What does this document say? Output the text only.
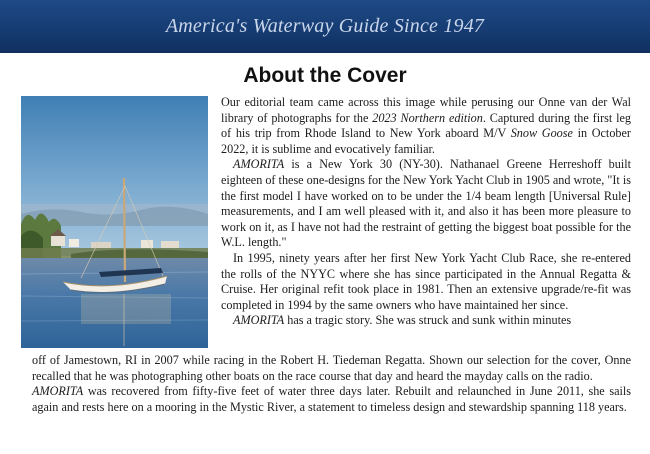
America's Waterway Guide Since 1947
About the Cover

Our editorial team came across this image while perusing our Onne van der Wal library of photographs for the 2023 Northern edition. Captured during the first leg of his trip from Rhode Island to New York aboard M/V Snow Goose in October 2022, it is sublime and evocatively familiar.

AMORITA is a New York 30 (NY-30). Nathanael Greene Herreshoff built eighteen of these one-designs for the New York Yacht Club in 1905 and wrote, "It is the first model I have worked on to be under the 1/4 beam length [Universal Rule] measurements, and I am well pleased with it, and also it has been more pleasure to work on it, as I have not had the restraint of getting the biggest boat possible for the W.L. length."

In 1995, ninety years after her first New York Yacht Club Race, she re-entered the rolls of the NYYC where she has since participated in the Annual Regatta & Cruise. Her original refit took place in 1981. Then an extensive upgrade/re-fit was completed in 1994 by the same owners who have maintained her since.

AMORITA has a tragic story. She was struck and sunk within minutes

off of Jamestown, RI in 2007 while racing in the Robert H. Tiedeman Regatta. Shown our selection for the cover, Onne recalled that he was photographing other boats on the race course that day and heard the mayday calls on the radio.

AMORITA was recovered from fifty-five feet of water three days later. Rebuilt and relaunched in June 2011, she sails again and rests here on a mooring in the Mystic River, a statement to timeless design and stewardship spanning 118 years.
